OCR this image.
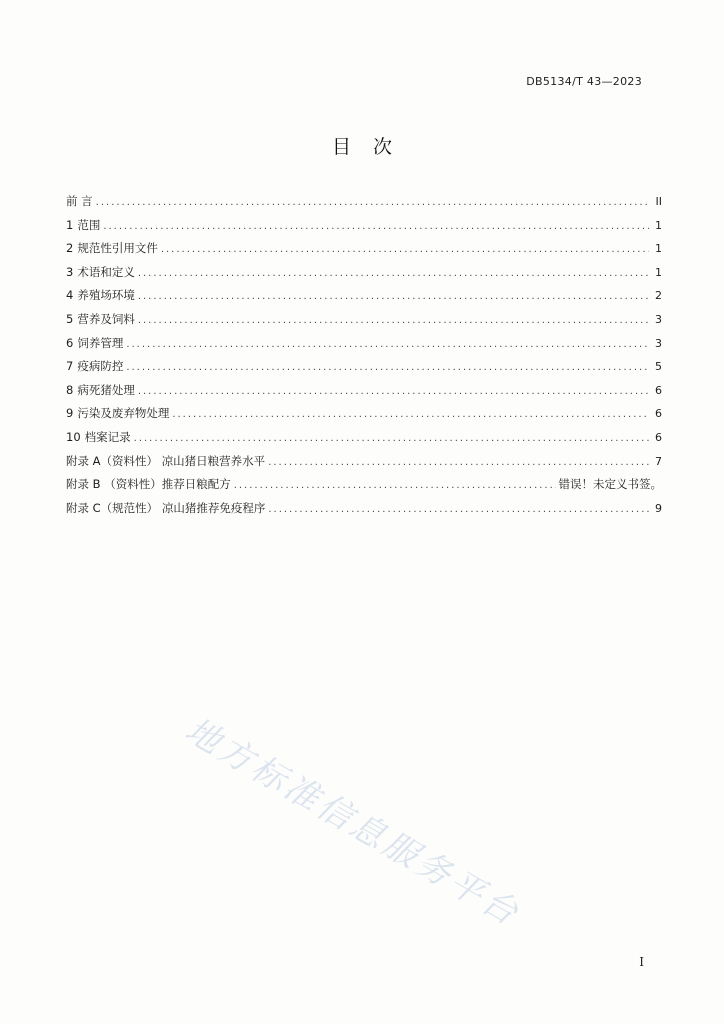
DB5134/T 43—2023
目次
前 言 .....	II
1 范围 .....	1
2 规范性引用文件 .....	1
3 术语和定义 .....	1
4 养殖场环境 .....	2
5 营养及饲料 .....	3
6 饲养管理 .....	3
7 疫病防控 .....	5
8 病死猪处理 .....	6
9 污染及废弃物处理 .....	6
10 档案记录 .....	6
附录 A（资料性） 凉山猪日粮营养水平 .....	7
附录 B （资料性）推荐日粮配方 .....	错误！未定义书签。
附录 C（规范性） 凉山猪推荐免疫程序 .....	9
地方标准信息服务平台
I
